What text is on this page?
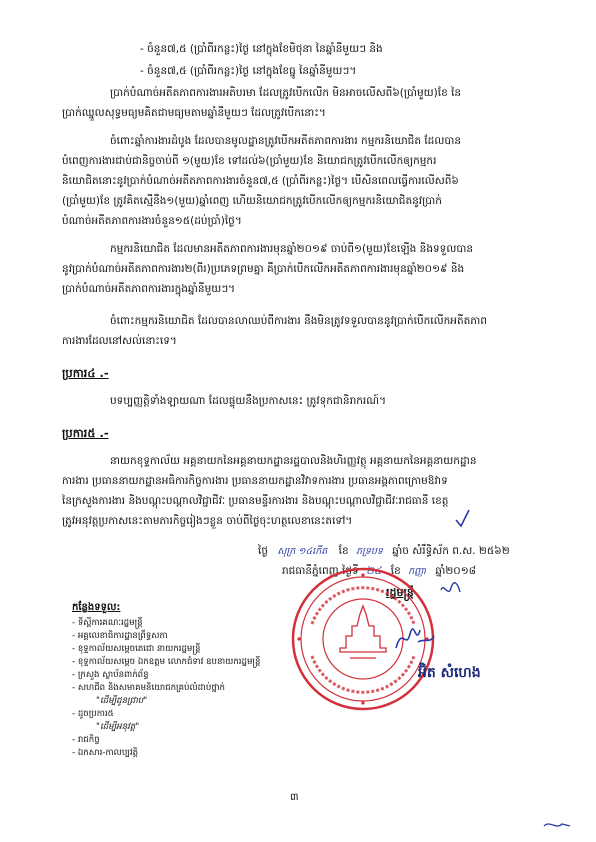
- ចំនួន៧,៥ (ប្រាំពីរកន្លះ)ថ្ងៃ នៅក្នុងខែមិថុនា នៃឆ្នាំនីមួយៗ និង
- ចំនួន៧,៥ (ប្រាំពីរកន្លះ)ថ្ងៃ នៅក្នុងខែធ្នូ នៃឆ្នាំនីមួយៗ។
ប្រាក់បំណាច់អតីតភាពការងារអតិបរមា ដែលត្រូវបើកលើក មិនអាចលើសពី៦(ប្រាំមួយ)ខែ នៃ
ប្រាក់ឈ្នួលសុទ្ធមធ្យមគិតជាមធ្យមតាមឆ្នាំនីមួយៗ ដែលត្រូវបើកនោះ។
ចំពោះឆ្នាំការងារដំបូង ដែលបានមូលដ្ឋានត្រូវបើកអតីតភាពការងារ កម្មករនិយោជិត ដែលបាន
បំពេញការងារជាប់ជានិច្ចចាប់ពី ១(មួយ)ខែ ទៅដល់៦(ប្រាំមួយ)ខែ និយោជកត្រូវបើកលើកឲ្យកម្មករ
និយោជិតនោះនូវប្រាក់បំណាច់អតីតភាពការងារចំនួន៧,៥ (ប្រាំពីរកន្លះ)ថ្ងៃ។ បើសិនពេលធ្វើការលើសពី៦
(ប្រាំមួយ)ខែ ត្រូវគិតស្មើនឹង១(មួយ)ឆ្នាំពេញ ហើយនិយោជកត្រូវបើកលើកឲ្យកម្មករនិយោជិតនូវប្រាក់
បំណាច់អតីតភាពការងារចំនួន១៥(ដប់ប្រាំ)ថ្ងៃ។
កម្មករនិយោជិត ដែលមានអតីតភាពការងារមុនឆ្នាំ២០១៩ ចាប់ពី១(មួយ)ខែឡើង និងទទួលបាន
នូវប្រាក់បំណាច់អតីតភាពការងារ២(ពីរ)ប្រភេទព្រមគ្នា គឺប្រាក់បើកលើកអតីតភាពការងារមុនឆ្នាំ២០១៩ និង
ប្រាក់បំណាច់អតីតភាពការងារក្នុងឆ្នាំនីមួយៗ។
ចំពោះកម្មករនិយោជិត ដែលបានលាឈប់ពីការងារ នឹងមិនត្រូវទទួលបាននូវប្រាក់បើកលើកអតីតភាព
ការងារដែលនៅសល់នោះទេ។
ប្រការ៤ .-
បទប្បញ្ញត្តិទាំងឡាយណា ដែលផ្ទុយនឹងប្រកាសនេះ ត្រូវទុកជានិរាករណ៍។
ប្រការ៥ .-
នាយកខុទ្ទកាល័យ អគ្គនាយកនៃអគ្គនាយកដ្ឋានរដ្ឋបាលនិងហិរញ្ញវត្ថុ អគ្គនាយកនៃអគ្គនាយកដ្ឋាន
ការងារ ប្រធាននាយកដ្ឋានអធិការកិច្ចការងារ ប្រធាននាយកដ្ឋានវិវាទការងារ ប្រធានអង្គភាពក្រោមឱវាទ
នៃក្រសួងការងារ និងបណ្តុះបណ្តាលវិជ្ជាជីវៈ ប្រធានមន្ទីរការងារ និងបណ្តុះបណ្តាលវិជ្ជាជីវៈរាជធានី ខេត្ត
ត្រូវអនុវត្តប្រកាសនេះតាមភារកិច្ចរៀងៗខ្លួន ចាប់ពីថ្ងៃចុះហត្ថលេខានេះតទៅ។
ថ្ងៃ សុក្រ ១៤កើត ខែ ភទ្របទ ឆ្នាំច សំរឹទ្ធិស័ក ព.ស. ២៥៦២
រាជធានីភ្នំពេញ ថ្ងៃទី ២៤ ខែ កញ្ញា ឆ្នាំ២០១៨
រដ្ឋមន្ត្រី
អ៊ិត សំហេង
កន្លែងទទួល:
- ទីស្តីការគណៈរដ្ឋមន្ត្រី
- អគ្គលេខាធិការដ្ឋានព្រឹទ្ធសភា
- ខុទ្ទកាល័យសម្តេចតេជោ នាយករដ្ឋមន្ត្រី
- ខុទ្ទកាល័យសម្តេច ឯកឧត្តម លោកជំទាវ ឧបនាយករដ្ឋមន្ត្រី
- ក្រសួង ស្ថាប័នពាក់ព័ន្ធ
- សហជីព និងសមាគមនិយោជកគ្រប់លំដាប់ថ្នាក់
"ដើម្បីជូនជ្រាប"
- ដូចប្រការ៥
"ដើម្បីអនុវត្ត"
- រាជកិច្ច
- ឯកសារ-កាលប្បវត្តិ
៣
